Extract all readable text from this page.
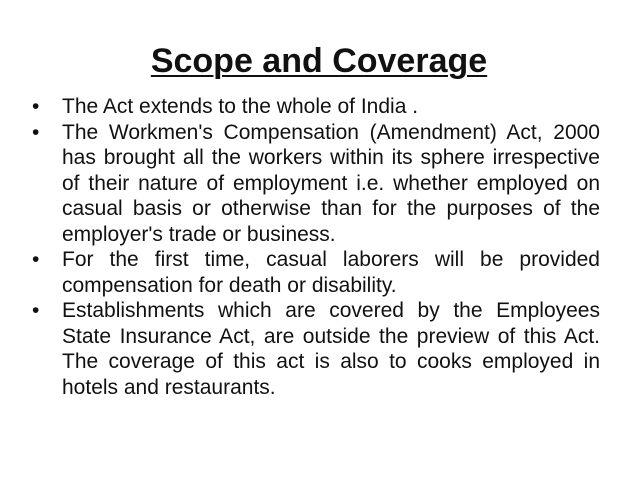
Scope and Coverage
•	The Act extends to the whole of India .
•	The Workmen's Compensation (Amendment) Act, 2000 has brought all the workers within its sphere irrespective of their nature of employment i.e. whether employed on casual basis or otherwise than for the purposes of the employer's trade or business.
•	For the first time, casual laborers will be provided compensation for death or disability.
•	Establishments which are covered by the Employees State Insurance Act, are outside the preview of this Act. The coverage of this act is also to cooks employed in hotels and restaurants.
